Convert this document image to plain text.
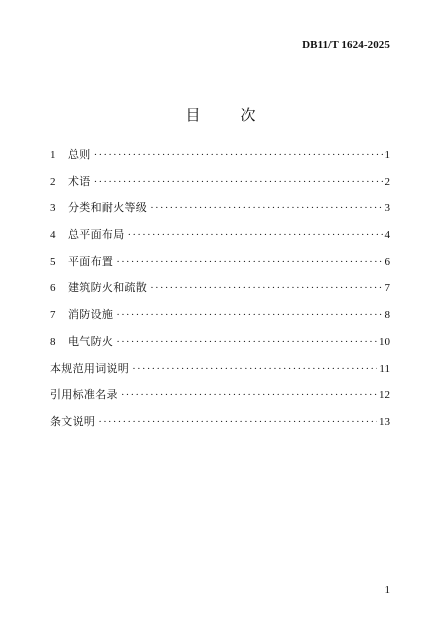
DB11/T 1624-2025
目	次
1	总则 ·····	1
2	术语 ·····	2
3	分类和耐火等级 ·····	3
4	总平面布局 ·····	4
5	平面布置 ·····	6
6	建筑防火和疏散 ·····	7
7	消防设施 ·····	8
8	电气防火 ·····	10
本规范用词说明 ·····	11
引用标准名录 ·····	12
条文说明 ·····	13
1
